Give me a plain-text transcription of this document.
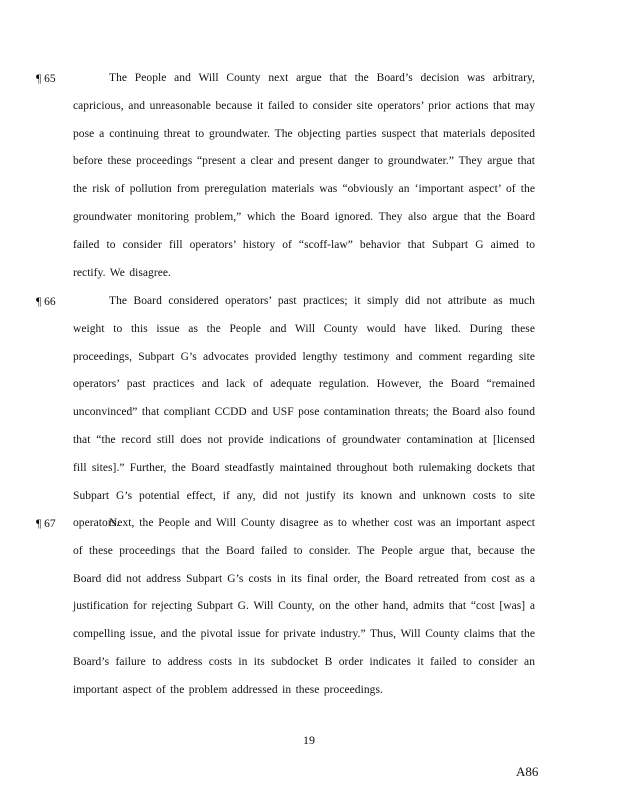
¶ 65	The People and Will County next argue that the Board’s decision was arbitrary, capricious, and unreasonable because it failed to consider site operators’ prior actions that may pose a continuing threat to groundwater. The objecting parties suspect that materials deposited before these proceedings “present a clear and present danger to groundwater.” They argue that the risk of pollution from preregulation materials was “obviously an ‘important aspect’ of the groundwater monitoring problem,” which the Board ignored. They also argue that the Board failed to consider fill operators’ history of “scoff-law” behavior that Subpart G aimed to rectify. We disagree.
¶ 66	The Board considered operators’ past practices; it simply did not attribute as much weight to this issue as the People and Will County would have liked. During these proceedings, Subpart G’s advocates provided lengthy testimony and comment regarding site operators’ past practices and lack of adequate regulation. However, the Board “remained unconvinced” that compliant CCDD and USF pose contamination threats; the Board also found that “the record still does not provide indications of groundwater contamination at [licensed fill sites].” Further, the Board steadfastly maintained throughout both rulemaking dockets that Subpart G’s potential effect, if any, did not justify its known and unknown costs to site operators.
¶ 67	Next, the People and Will County disagree as to whether cost was an important aspect of these proceedings that the Board failed to consider. The People argue that, because the Board did not address Subpart G’s costs in its final order, the Board retreated from cost as a justification for rejecting Subpart G. Will County, on the other hand, admits that “cost [was] a compelling issue, and the pivotal issue for private industry.” Thus, Will County claims that the Board’s failure to address costs in its subdocket B order indicates it failed to consider an important aspect of the problem addressed in these proceedings.
19
A86
